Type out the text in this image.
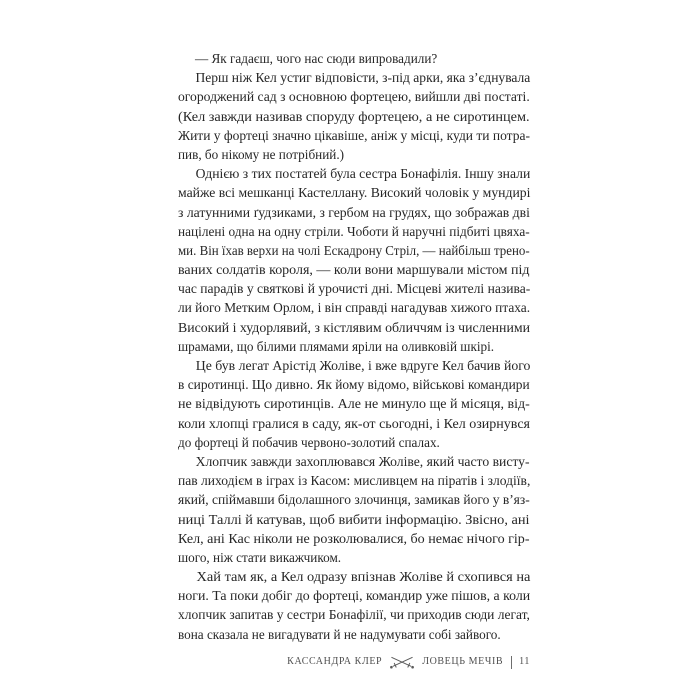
— Як гадаєш, чого нас сюди випровадили?
Перш ніж Кел устиг відповісти, з-під арки, яка з’єднувала
огороджений сад з основною фортецею, вийшли дві постаті.
(Кел завжди називав споруду фортецею, а не сиротинцем.
Жити у фортеці значно цікавіше, аніж у місці, куди ти потра-
пив, бо нікому не потрібний.)
Однією з тих постатей була сестра Бонафілія. Іншу знали
майже всі мешканці Кастеллану. Високий чоловік у мундирі
з латунними ґудзиками, з гербом на грудях, що зображав дві
націлені одна на одну стріли. Чоботи й наручні підбиті цвяха-
ми. Він їхав верхи на чолі Ескадрону Стріл, — найбільш трено-
ваних солдатів короля, — коли вони маршували містом під
час парадів у святкові й урочисті дні. Місцеві жителі назива-
ли його Метким Орлом, і він справді нагадував хижого птаха.
Високий і худорлявий, з кістлявим обличчям із численними
шрамами, що білими плямами яріли на оливковій шкірі.
Це був легат Арістід Жоліве, і вже вдруге Кел бачив його
в сиротинці. Що дивно. Як йому відомо, військові командири
не відвідують сиротинців. Але не минуло ще й місяця, від-
коли хлопці гралися в саду, як-от сьогодні, і Кел озирнувся
до фортеці й побачив червоно-золотий спалах.
Хлопчик завжди захоплювався Жоліве, який часто висту-
пав лиходієм в іграх із Касом: мисливцем на піратів і злодіїв,
який, спіймавши бідолашного злочинця, замикав його у в’яз-
ниці Таллі й катував, щоб вибити інформацію. Звісно, ані
Кел, ані Кас ніколи не розколювалися, бо немає нічого гір-
шого, ніж стати викажчиком.
Хай там як, а Кел одразу впізнав Жоліве й схопився на
ноги. Та поки добіг до фортеці, командир уже пішов, а коли
хлопчик запитав у сестри Бонафілії, чи приходив сюди легат,
вона сказала не вигадувати й не надумувати собі зайвого.
КАССАНДРА КЛЕР	ЛОВЕЦЬ МЕЧІВ 11
